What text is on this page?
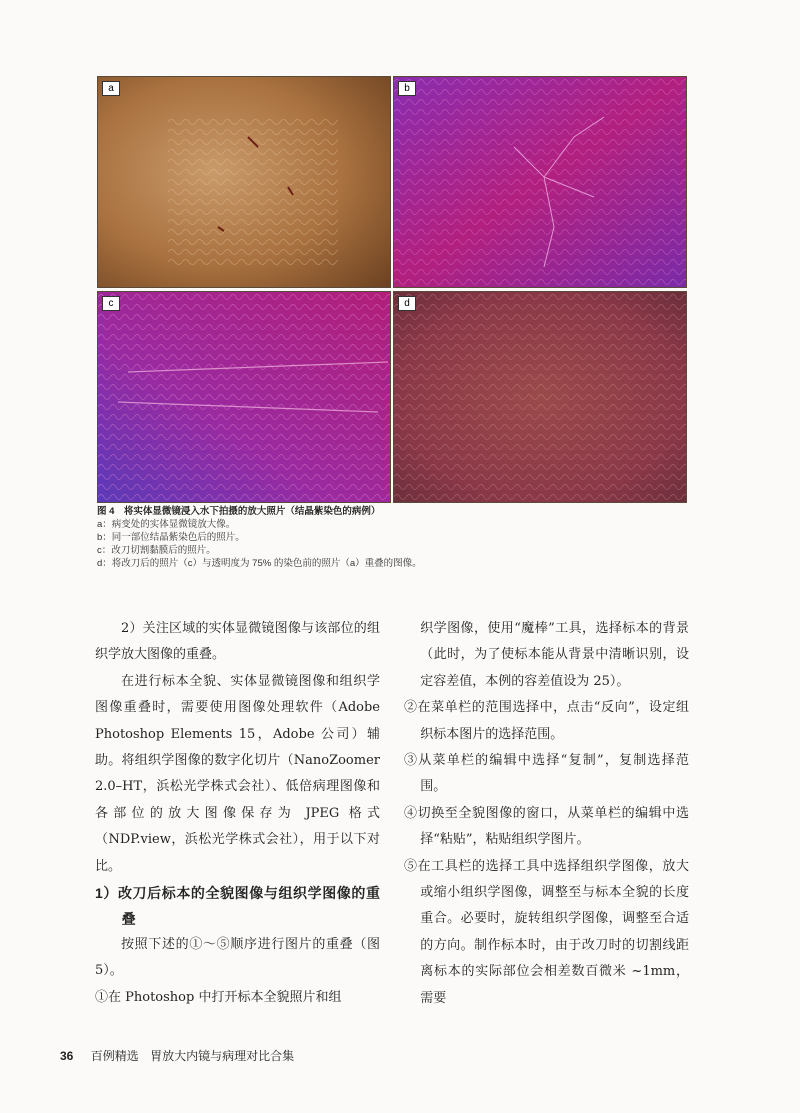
a	b
c	d
图 4　将实体显微镜浸入水下拍摄的放大照片（结晶紫染色的病例）
a：病变处的实体显微镜放大像。
b：同一部位结晶紫染色后的照片。
c：改刀切割黏膜后的照片。
d：将改刀后的照片（c）与透明度为 75% 的染色前的照片（a）重叠的图像。

2）关注区域的实体显微镜图像与该部位的组织学放大图像的重叠。

在进行标本全貌、实体显微镜图像和组织学图像重叠时，需要使用图像处理软件（Adobe Photoshop Elements 15，Adobe 公司）辅助。将组织学图像的数字化切片（NanoZoomer 2.0–HT，浜松光学株式会社）、低倍病理图像和各部位的放大图像保存为 JPEG 格式（NDP.view，浜松光学株式会社），用于以下对比。

1）改刀后标本的全貌图像与组织学图像的重叠

按照下述的①～⑤顺序进行图片的重叠（图 5）。

①在 Photoshop 中打开标本全貌照片和组

织学图像，使用“魔棒”工具，选择标本的背景（此时，为了使标本能从背景中清晰识别，设定容差值，本例的容差值设为 25）。

②在菜单栏的范围选择中，点击“反向”，设定组织标本图片的选择范围。

③从菜单栏的编辑中选择“复制”，复制选择范围。

④切换至全貌图像的窗口，从菜单栏的编辑中选择“粘贴”，粘贴组织学图片。

⑤在工具栏的选择工具中选择组织学图像，放大或缩小组织学图像，调整至与标本全貌的长度重合。必要时，旋转组织学图像，调整至合适的方向。制作标本时，由于改刀时的切割线距离标本的实际部位会相差数百微米 ~1mm，需要

36 百例精选 胃放大内镜与病理对比合集
